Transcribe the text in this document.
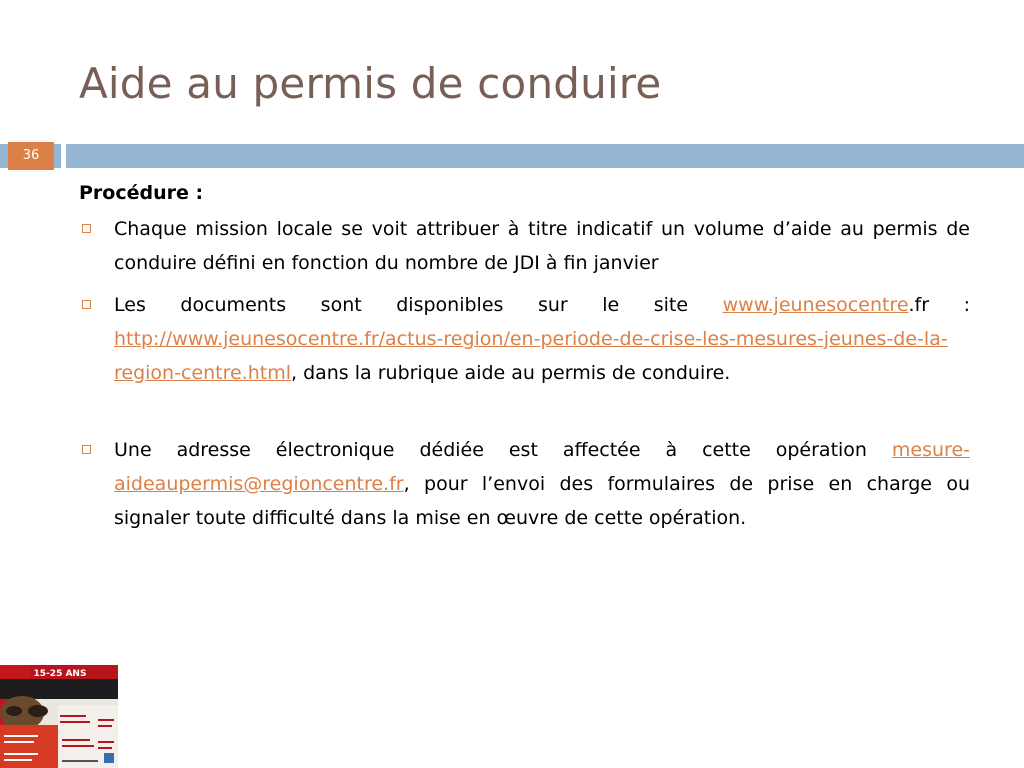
Aide au permis de conduire
36
Procédure :
Chaque mission locale se voit attribuer à titre indicatif un volume d’aide au permis de conduire défini en fonction du nombre de JDI à fin janvier
Les documents sont disponibles sur le site www.jeunesocentre.fr : http://www.jeunesocentre.fr/actus-region/en-periode-de-crise-les-mesures-jeunes-de-la-region-centre.html, dans la rubrique aide au permis de conduire.
Une adresse électronique dédiée est affectée à cette opération mesure-aideaupermis@regioncentre.fr, pour l’envoi des formulaires de prise en charge ou signaler toute difficulté dans la mise en œuvre de cette opération.
15-25 ANS
